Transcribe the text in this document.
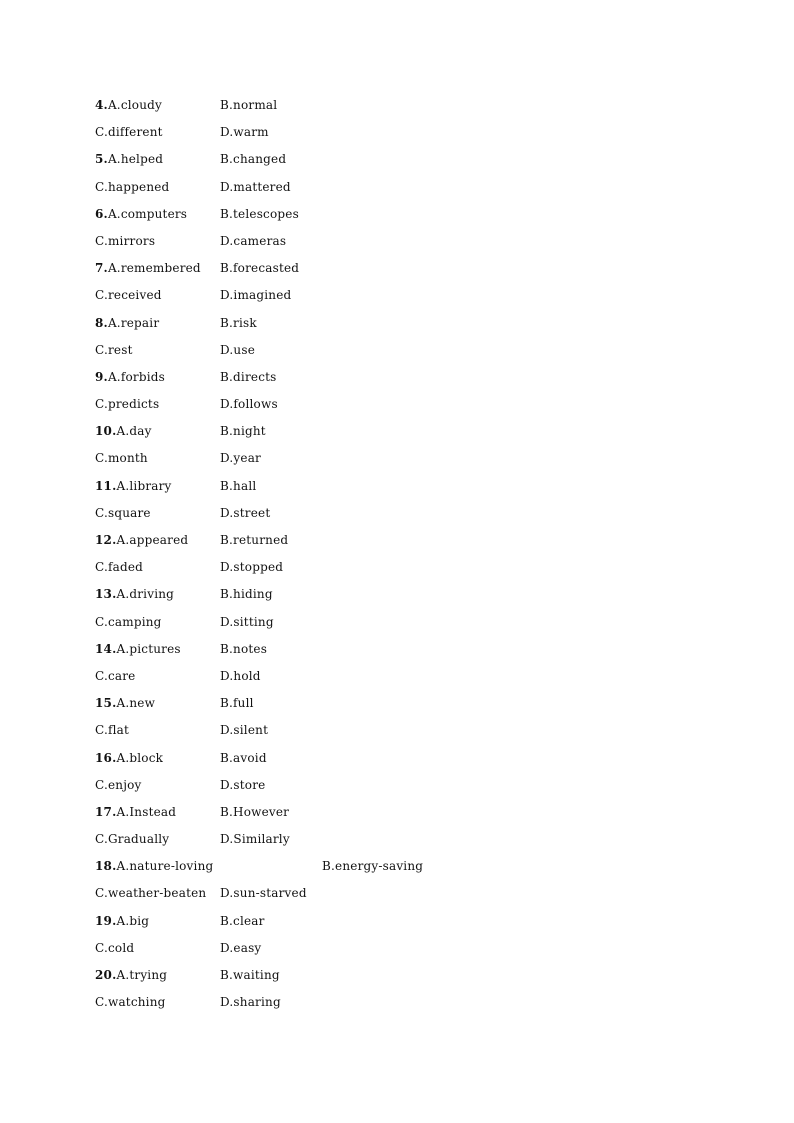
4.A.cloudy	B.normal
C.different	D.warm
5.A.helped	B.changed
C.happened	D.mattered
6.A.computers	B.telescopes
C.mirrors	D.cameras
7.A.remembered B.forecasted
C.received	D.imagined
8.A.repair	B.risk
C.rest	D.use
9.A.forbids	B.directs
C.predicts	D.follows
10.A.day	B.night
C.month	D.year
11.A.library	B.hall
C.square	D.street
12.A.appeared	B.returned
C.faded	D.stopped
13.A.driving	B.hiding
C.camping	D.sitting
14.A.pictures	B.notes
C.care	D.hold
15.A.new	B.full
C.flat	D.silent
16.A.block	B.avoid
C.enjoy	D.store
17.A.Instead	B.However
C.Gradually	D.Similarly
18.A.nature-loving	B.energy-saving
C.weather-beaten D.sun-starved
19.A.big	B.clear
C.cold	D.easy
20.A.trying	B.waiting
C.watching	D.sharing
